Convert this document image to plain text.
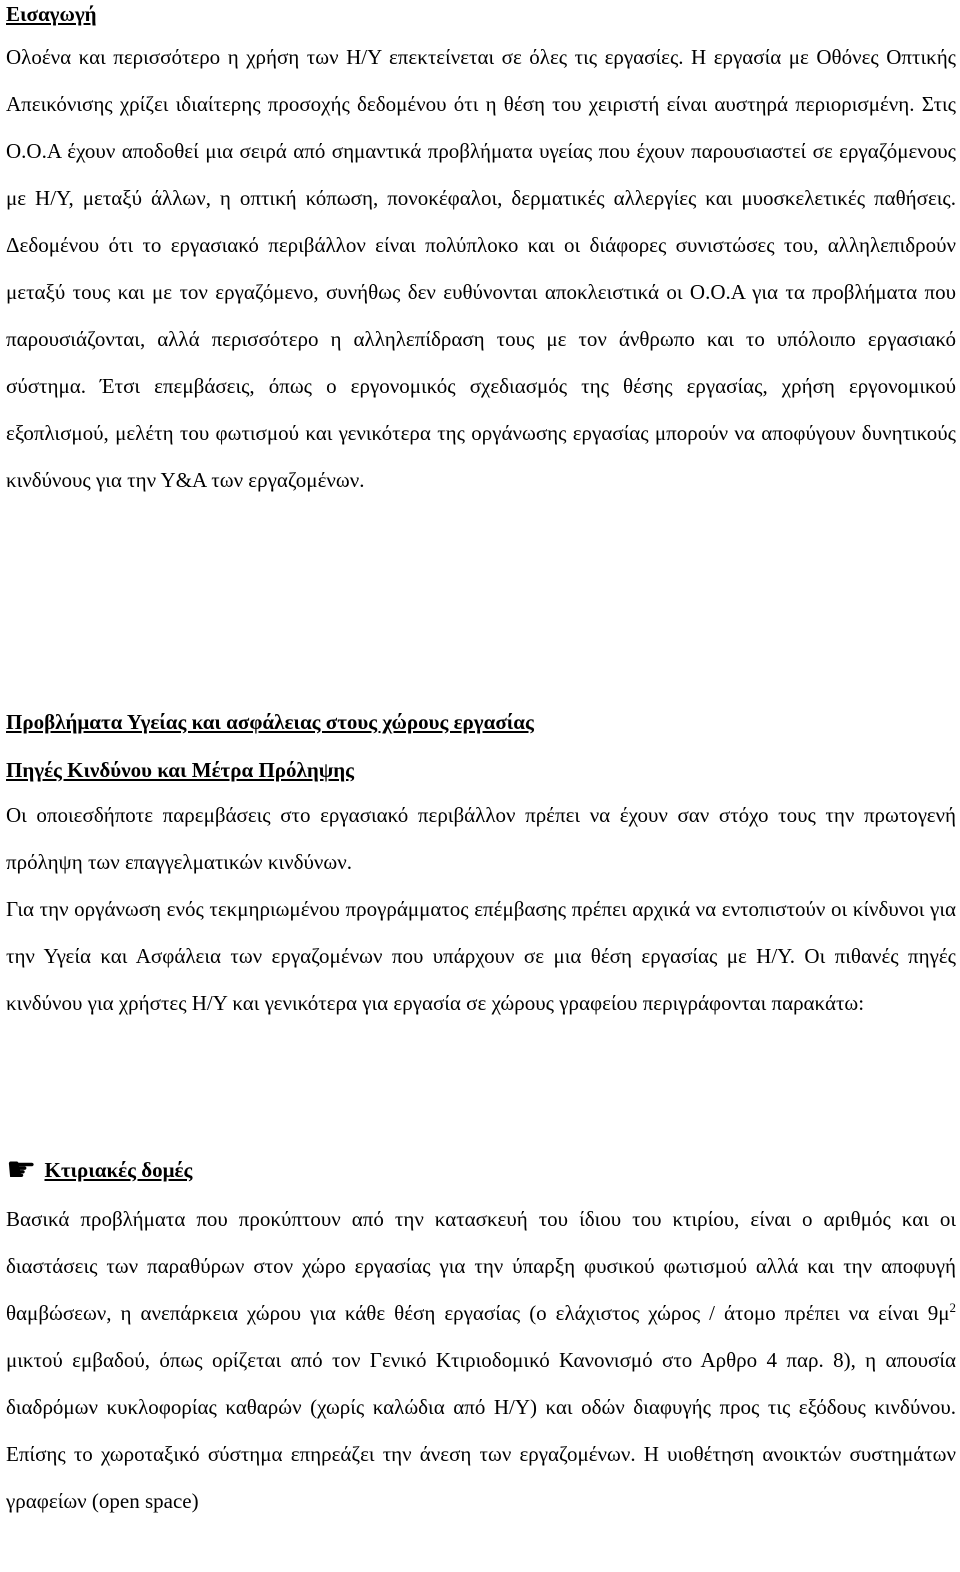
Εισαγωγή

Ολοένα και περισσότερο η χρήση των Η/Υ επεκτείνεται σε όλες τις εργασίες. Η εργασία με Οθόνες Οπτικής Απεικόνισης χρίζει ιδιαίτερης προσοχής δεδομένου ότι η θέση του χειριστή είναι αυστηρά περιορισμένη. Στις Ο.Ο.Α έχουν αποδοθεί μια σειρά από σημαντικά προβλήματα υγείας που έχουν παρουσιαστεί σε εργαζόμενους με Η/Υ, μεταξύ άλλων, η οπτική κόπωση, πονοκέφαλοι, δερματικές αλλεργίες και μυοσκελετικές παθήσεις. Δεδομένου ότι το εργασιακό περιβάλλον είναι πολύπλοκο και οι διάφορες συνιστώσες του, αλληλεπιδρούν μεταξύ τους και με τον εργαζόμενο, συνήθως δεν ευθύνονται αποκλειστικά οι Ο.Ο.Α για τα προβλήματα που παρουσιάζονται, αλλά περισσότερο η αλληλεπίδραση τους με τον άνθρωπο και το υπόλοιπο εργασιακό σύστημα. Έτσι επεμβάσεις, όπως ο εργονομικός σχεδιασμός της θέσης εργασίας, χρήση εργονομικού εξοπλισμού, μελέτη του φωτισμού και γενικότερα της οργάνωσης εργασίας μπορούν να αποφύγουν δυνητικούς κινδύνους για την Υ&Α των εργαζομένων.

Προβλήματα Υγείας και ασφάλειας στους χώρους εργασίας
Πηγές Κινδύνου και Μέτρα Πρόληψης

Οι οποιεσδήποτε παρεμβάσεις στο εργασιακό περιβάλλον πρέπει να έχουν σαν στόχο τους την πρωτογενή πρόληψη των επαγγελματικών κινδύνων.

Για την οργάνωση ενός τεκμηριωμένου προγράμματος επέμβασης πρέπει αρχικά να εντοπιστούν οι κίνδυνοι για την Υγεία και Ασφάλεια των εργαζομένων που υπάρχουν σε μια θέση εργασίας με Η/Υ. Οι πιθανές πηγές κινδύνου για χρήστες Η/Υ και γενικότερα για εργασία σε χώρους γραφείου περιγράφονται παρακάτω:

☛ Κτιριακές δομές

Βασικά προβλήματα που προκύπτουν από την κατασκευή του ίδιου του κτιρίου, είναι ο αριθμός και οι διαστάσεις των παραθύρων στον χώρο εργασίας για την ύπαρξη φυσικού φωτισμού αλλά και την αποφυγή θαμβώσεων, η ανεπάρκεια χώρου για κάθε θέση εργασίας (ο ελάχιστος χώρος / άτομο πρέπει να είναι $9\mu^2$ μικτού εμβαδού, όπως ορίζεται από τον Γενικό Κτιριοδομικό Κανονισμό στο Αρθρο 4 παρ. 8), η απουσία διαδρόμων κυκλοφορίας καθαρών (χωρίς καλώδια από Η/Υ) και οδών διαφυγής προς τις εξόδους κινδύνου. Επίσης το χωροταξικό σύστημα επηρεάζει την άνεση των εργαζομένων. Η υιοθέτηση ανοικτών συστημάτων γραφείων (open space)
